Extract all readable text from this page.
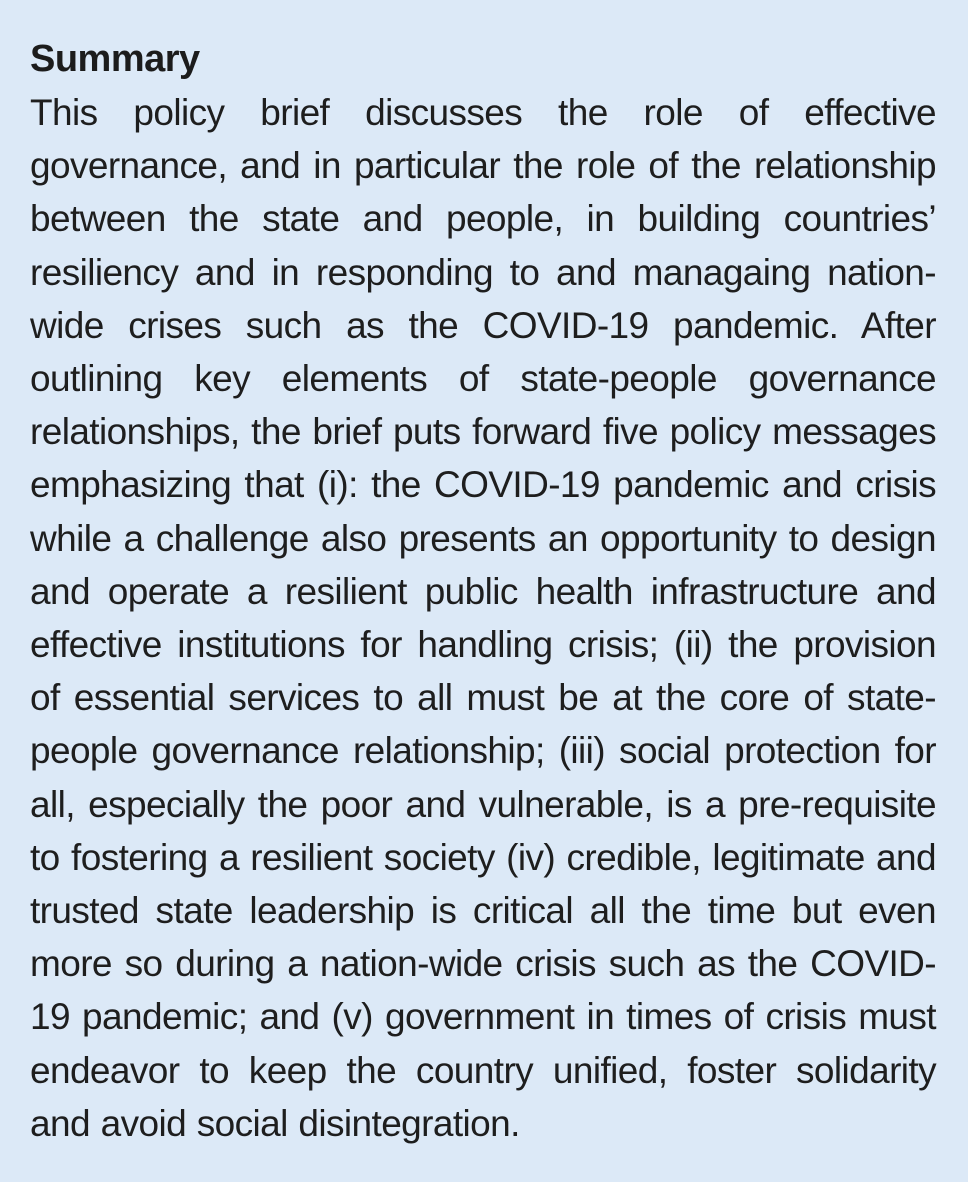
Summary

This policy brief discusses the role of effective governance, and in particular the role of the relationship between the state and people, in building countries’ resiliency and in responding to and managaing nation-wide crises such as the COVID-19 pandemic. After outlining key elements of state-people governance relationships, the brief puts forward five policy messages emphasizing that (i): the COVID-19 pandemic and crisis while a challenge also presents an opportunity to design and operate a resilient public health infrastructure and effective institutions for handling crisis; (ii) the provision of essential services to all must be at the core of state-people governance relationship; (iii) social protection for all, especially the poor and vulnerable, is a pre-requisite to fostering a resilient society (iv) credible, legitimate and trusted state leadership is critical all the time but even more so during a nation-wide crisis such as the COVID-19 pandemic; and (v) government in times of crisis must endeavor to keep the country unified, foster solidarity and avoid social disintegration.
